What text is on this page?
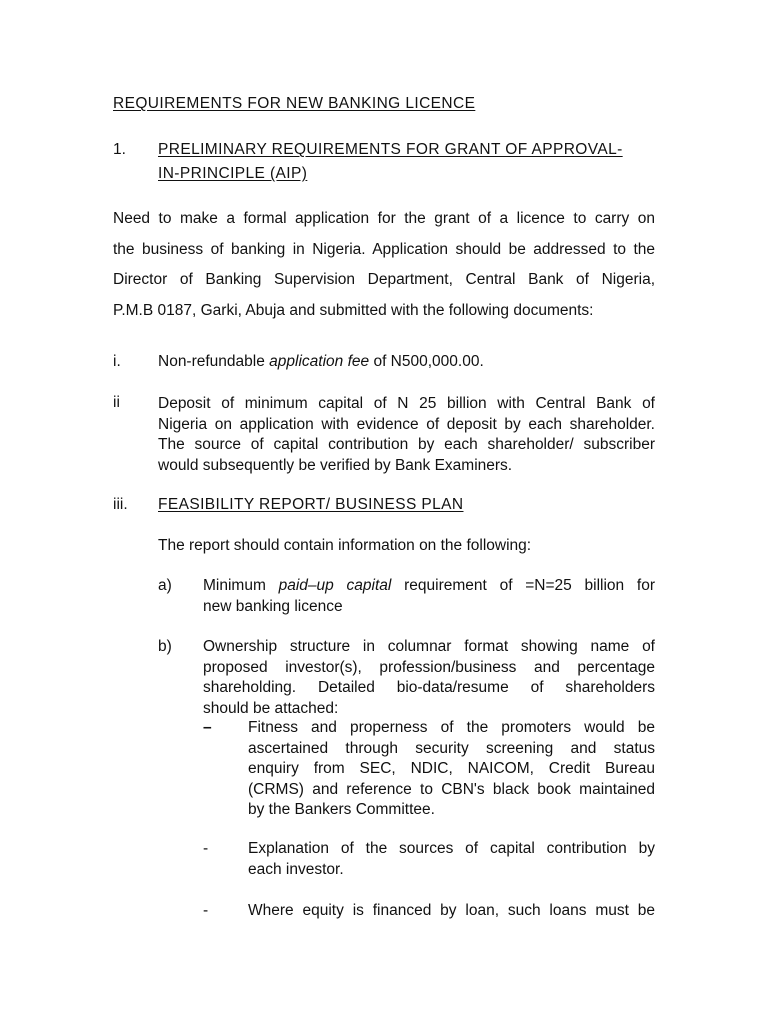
REQUIREMENTS FOR NEW BANKING LICENCE
1. PRELIMINARY REQUIREMENTS FOR GRANT OF APPROVAL-
IN-PRINCIPLE (AIP)
Need to make a formal application for the grant of a licence to carry on
the business of banking in Nigeria. Application should be addressed to the
Director of Banking Supervision Department, Central Bank of Nigeria,
P.M.B 0187, Garki, Abuja and submitted with the following documents:
i. Non-refundable application fee of N500,000.00.
ii Deposit of minimum capital of N 25 billion with Central Bank of
Nigeria on application with evidence of deposit by each shareholder.
The source of capital contribution by each shareholder/ subscriber
would subsequently be verified by Bank Examiners.
iii. FEASIBILITY REPORT/ BUSINESS PLAN
The report should contain information on the following:
a) Minimum paid–up capital requirement of =N=25 billion for
new banking licence
b) Ownership structure in columnar format showing name of
proposed investor(s), profession/business and percentage
shareholding. Detailed bio-data/resume of shareholders
should be attached:
– Fitness and properness of the promoters would be
ascertained through security screening and status
enquiry from SEC, NDIC, NAICOM, Credit Bureau
(CRMS) and reference to CBN's black book maintained
by the Bankers Committee.
-	Explanation of the sources of capital contribution by
each investor.
-	Where equity is financed by loan, such loans must be
